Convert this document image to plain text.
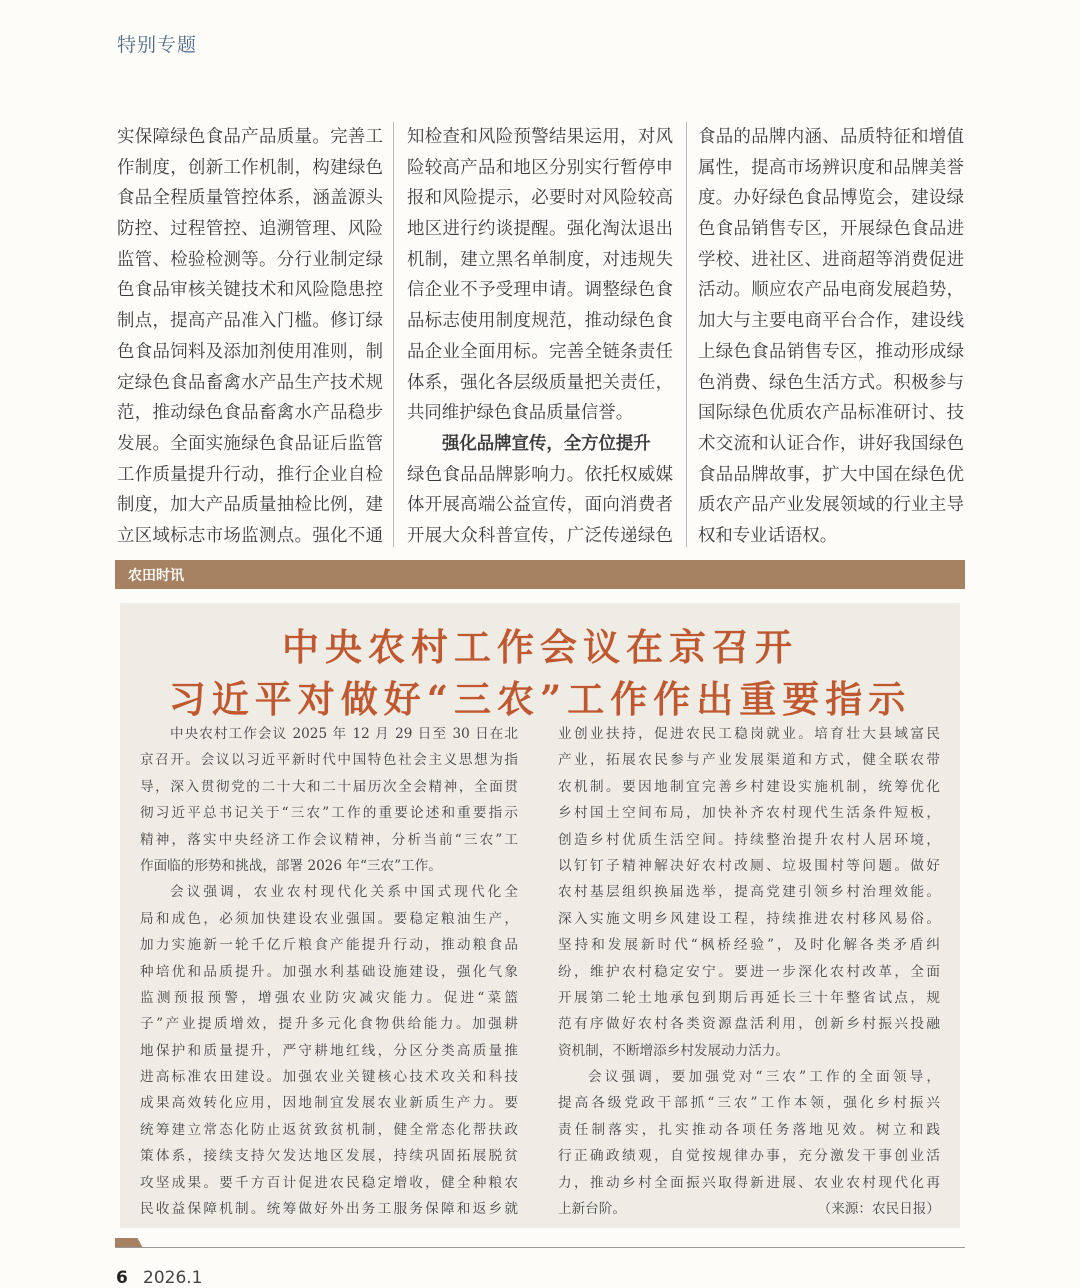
特别专题
实保障绿色食品产品质量。完善工
作制度，创新工作机制，构建绿色
食品全程质量管控体系，涵盖源头
防控、过程管控、追溯管理、风险
监管、检验检测等。分行业制定绿
色食品审核关键技术和风险隐患控
制点，提高产品准入门槛。修订绿
色食品饲料及添加剂使用准则，制
定绿色食品畜禽水产品生产技术规
范，推动绿色食品畜禽水产品稳步
发展。全面实施绿色食品证后监管
工作质量提升行动，推行企业自检
制度，加大产品质量抽检比例，建
立区域标志市场监测点。强化不通
知检查和风险预警结果运用，对风
险较高产品和地区分别实行暂停申
报和风险提示，必要时对风险较高
地区进行约谈提醒。强化淘汰退出
机制，建立黑名单制度，对违规失
信企业不予受理申请。调整绿色食
品标志使用制度规范，推动绿色食
品企业全面用标。完善全链条责任
体系，强化各层级质量把关责任，
共同维护绿色食品质量信誉。
强化品牌宣传，全方位提升
绿色食品品牌影响力。依托权威媒
体开展高端公益宣传，面向消费者
开展大众科普宣传，广泛传递绿色
食品的品牌内涵、品质特征和增值
属性，提高市场辨识度和品牌美誉
度。办好绿色食品博览会，建设绿
色食品销售专区，开展绿色食品进
学校、进社区、进商超等消费促进
活动。顺应农产品电商发展趋势，
加大与主要电商平台合作，建设线
上绿色食品销售专区，推动形成绿
色消费、绿色生活方式。积极参与
国际绿色优质农产品标准研讨、技
术交流和认证合作，讲好我国绿色
食品品牌故事，扩大中国在绿色优
质农产品产业发展领域的行业主导
权和专业话语权。
农田时讯
中央农村工作会议在京召开
习近平对做好“三农”工作作出重要指示
中央农村工作会议 2025 年 12 月 29 日至 30 日在北
京召开。会议以习近平新时代中国特色社会主义思想为指
导，深入贯彻党的二十大和二十届历次全会精神，全面贯
彻习近平总书记关于“三农”工作的重要论述和重要指示
精神，落实中央经济工作会议精神，分析当前“三农”工
作面临的形势和挑战，部署 2026 年“三农”工作。
会议强调，农业农村现代化关系中国式现代化全
局和成色，必须加快建设农业强国。要稳定粮油生产，
加力实施新一轮千亿斤粮食产能提升行动，推动粮食品
种培优和品质提升。加强水利基础设施建设，强化气象
监测预报预警，增强农业防灾减灾能力。促进“菜篮
子”产业提质增效，提升多元化食物供给能力。加强耕
地保护和质量提升，严守耕地红线，分区分类高质量推
进高标准农田建设。加强农业关键核心技术攻关和科技
成果高效转化应用，因地制宜发展农业新质生产力。要
统筹建立常态化防止返贫致贫机制，健全常态化帮扶政
策体系，接续支持欠发达地区发展，持续巩固拓展脱贫
攻坚成果。要千方百计促进农民稳定增收，健全种粮农
民收益保障机制。统筹做好外出务工服务保障和返乡就
业创业扶持，促进农民工稳岗就业。培育壮大县域富民
产业，拓展农民参与产业发展渠道和方式，健全联农带
农机制。要因地制宜完善乡村建设实施机制，统筹优化
乡村国土空间布局，加快补齐农村现代生活条件短板，
创造乡村优质生活空间。持续整治提升农村人居环境，
以钉钉子精神解决好农村改厕、垃圾围村等问题。做好
农村基层组织换届选举，提高党建引领乡村治理效能。
深入实施文明乡风建设工程，持续推进农村移风易俗。
坚持和发展新时代“枫桥经验”，及时化解各类矛盾纠
纷，维护农村稳定安宁。要进一步深化农村改革，全面
开展第二轮土地承包到期后再延长三十年整省试点，规
范有序做好农村各类资源盘活利用，创新乡村振兴投融
资机制，不断增添乡村发展动力活力。
会议强调，要加强党对“三农”工作的全面领导，
提高各级党政干部抓“三农”工作本领，强化乡村振兴
责任制落实，扎实推动各项任务落地见效。树立和践
行正确政绩观，自觉按规律办事，充分激发干事创业活
力，推动乡村全面振兴取得新进展、农业农村现代化再
上新台阶。	（来源：农民日报）
6 2026.1
